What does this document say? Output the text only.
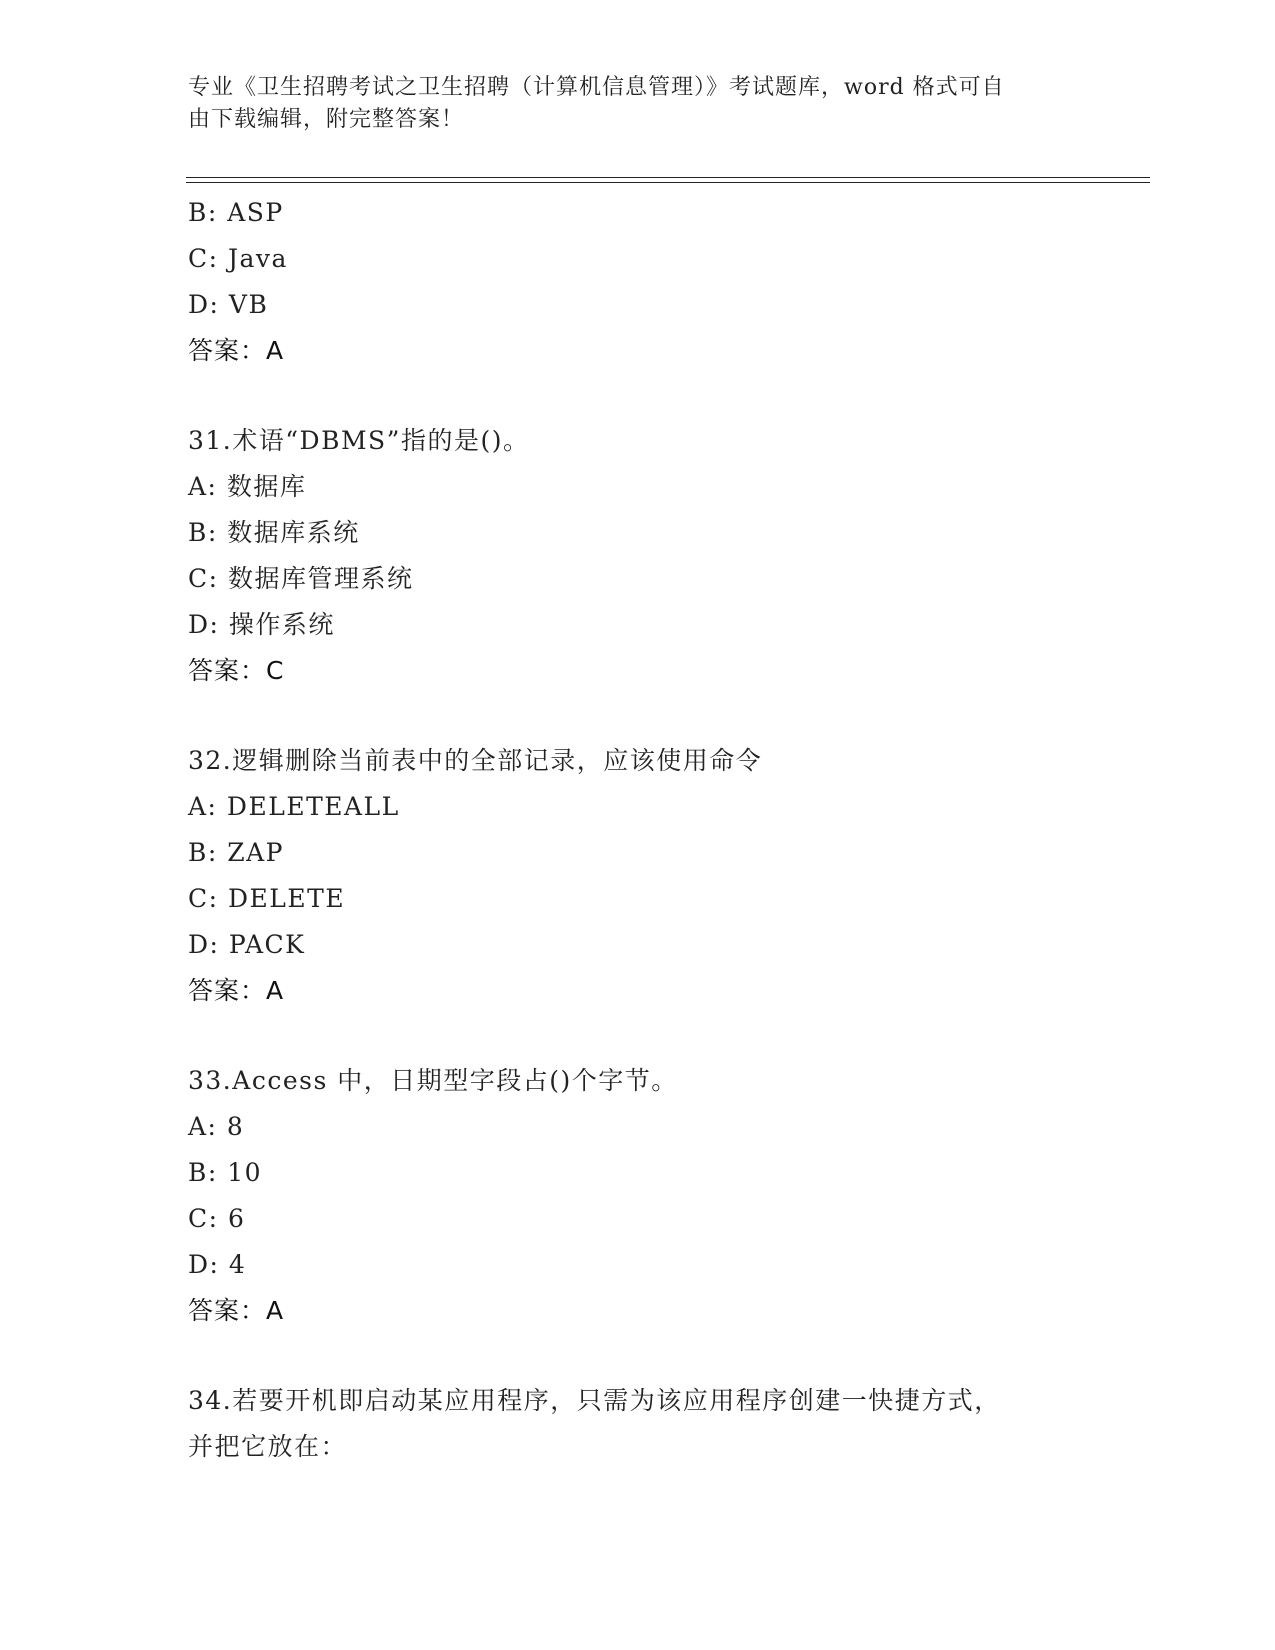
专业《卫生招聘考试之卫生招聘（计算机信息管理）》考试题库，word 格式可自
由下载编辑，附完整答案！
B: ASP
C: Java
D: VB
答案：A
31.术语“DBMS”指的是()。
A: 数据库
B: 数据库系统
C: 数据库管理系统
D: 操作系统
答案：C
32.逻辑删除当前表中的全部记录，应该使用命令
A: DELETEALL
B: ZAP
C: DELETE
D: PACK
答案：A
33.Access 中，日期型字段占()个字节。
A: 8
B: 10
C: 6
D: 4
答案：A
34.若要开机即启动某应用程序，只需为该应用程序创建一快捷方式，
并把它放在：
